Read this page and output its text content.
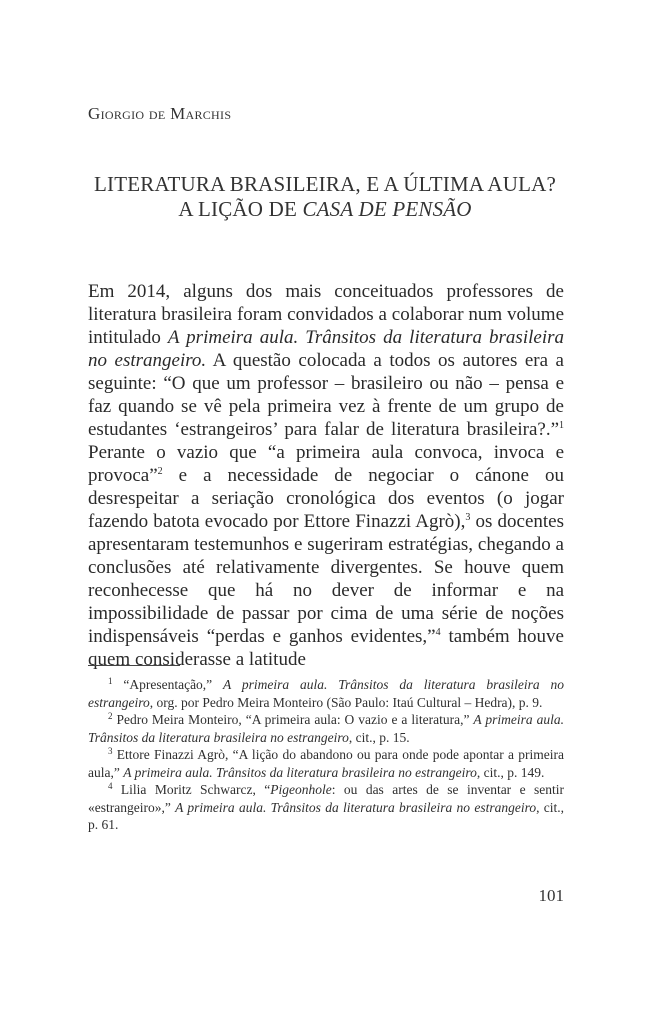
Giorgio de Marchis
LITERATURA BRASILEIRA, E A ÚLTIMA AULA?
A LIÇÃO DE CASA DE PENSÃO

Em 2014, alguns dos mais conceituados professores de literatura brasileira foram convidados a colaborar num volume intitulado A primeira aula. Trânsitos da literatura brasileira no estrangeiro. A questão colocada a todos os autores era a seguinte: “O que um professor – brasileiro ou não – pensa e faz quando se vê pela primeira vez à frente de um grupo de estudantes ‘estrangeiros’ para falar de literatura brasileira?.”$^1$ Perante o vazio que “a primeira aula convoca, invoca e provoca”$^2$ e a necessidade de negociar o cánone ou desrespeitar a seriação cronológica dos eventos (o jogar fazendo batota evocado por Ettore Finazzi Agrò),$^3$ os docentes apresentaram testemunhos e sugeriram estratégias, chegando a conclusões até relativamente divergentes. Se houve quem reconhecesse que há no dever de informar e na impossibilidade de passar por cima de uma série de noções indispensáveis “perdas e ganhos evidentes,”$^4$ também houve quem considerasse a latitude

$^1$ “Apresentação,” A primeira aula. Trânsitos da literatura brasileira no estrangeiro, org. por Pedro Meira Monteiro (São Paulo: Itaú Cultural – Hedra), p. 9.

$^2$ Pedro Meira Monteiro, “A primeira aula: O vazio e a literatura,” A primeira aula. Trânsitos da literatura brasileira no estrangeiro, cit., p. 15.

$^3$ Ettore Finazzi Agrò, “A lição do abandono ou para onde pode apontar a primeira aula,” A primeira aula. Trânsitos da literatura brasileira no estrangeiro, cit., p. 149.

$^4$ Lilia Moritz Schwarcz, “Pigeonhole: ou das artes de se inventar e sentir «estrangeiro»,” A primeira aula. Trânsitos da literatura brasileira no estrangeiro, cit., p. 61.

101
